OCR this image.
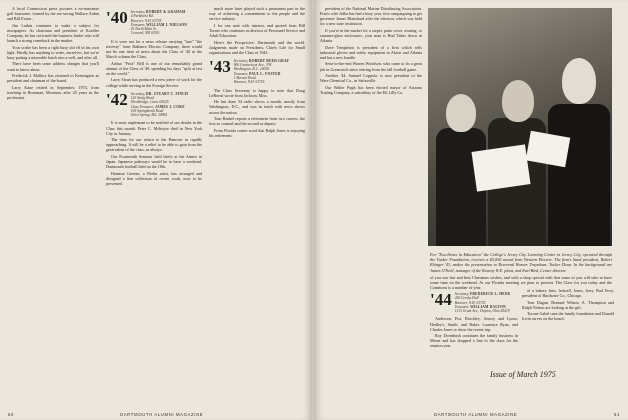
A local Connecticut press pictures a no-nonsense golf foursome, formed by the tax-saving Wallace Aubin and Bill Evans...

Jim Larkin continues to make a subject for newspapers. As chairman and president of Koehler Company, he has criticized the business leader who will launch a strong comeback in the market.

Your scribe has been a right busy old elf in his own light. Hardly has anything to write, ourselves, but we're busy putting a miserable batch into a well, and after all.

There have been some address changes that you'll want to know about.

Frederick J. Mallory has returned to Kensington as president and chairman of the board.

Larry Kane retired in September, 1974, from teaching in Bozeman, Montana, after 25 years in the profession.

'40 Secretary, ROBERT & GRAHAM
4 Parkhurst Rd.
Hanover, N.H. 03755
Treasurer, WILLIAM I. NIELSON
41 North Main St.
Concord, NH 03301

If it were not for a news release carrying "true" "the travesty" from Ballance Electric Company, there would not be one item of news about the Class of '40 in the March column the Class.

Arthur "Fritz" Bell is one of our remarkably grand alumni of the Class of '40, spending his days "split at last on the world."

Larry Sloan has produced a new piece of work for the college while serving in the Foreign Service.

'42 Secretary, DR. STUART C. FINCH
120 Amity Road
Woodbridge, Conn. 06525
Class Treasurer, JAMES J. COKE
100 Springbrook Road
Silver Spring, Md. 20904

It is most unpleasant to be notified of our deaths in the Class this month. Peter C. McIntyre died in New York City in January.

The time for our return to the Hanover in rapidly approaching. It will be a relief to be able to gain from the great talent of the class, as always.

Our Fourteenth Seminar held lately at the Annex in Japan. Japanese pathways would be to have a weekend. Dartmouth football held on the 18th.

Hartmut Greiner, a Berlin artist, has arranged and designed a fine collection of recent work, now to be presented.

much more have played such a prominent part in the way of achieving a commitment to the people and the service industry.

I for one note with interest, and quoted from Bill Turner who continues as director of Personnel Service and Adult Education.

Here's the Perspective: Dartmouth and the world. Judgments made on Presidents, Chiefs Life for Small organizations and the Class of 1943.

'43 Secretary, ROBERT REED GRAY
900 Connecticut Ave., NW
Washington, D.C. 20036
Treasurer, PAUL L. FOSTER
1 Barnett Road
Hanover, N.H. 03755

The Class Secretary is happy to note that Doug LeBoeuf wrote from Jackson, Miss.

He has done 54 radio shows a month, mostly from Washington, D.C., and was in touch with news shows across the nation.

Tom Bushel reports a retirement from two careers, the first as counsel and the second as deputy.

From Florida comes word that Ralph Jones is enjoying his retirement.

60	DARTMOUTH ALUMNI MAGAZINE

president of the National Marine Distributing Association. Fran's wife Jullia has had a busy year, first campaigning to get governor James Blanchard after the election, which was held for a new state institution.

If you're in the market for a carpet, patio cover, awning, or summer-glass enclosures, your man is Bud Takes down in Atlanta.

Dave Templeton is president of a firm which sells industrial gloves and safety equipment in Akron and Atlanta and has a new handle.

Seitz-to-the-end Warren Woodson, who came to do a great job in Greenwich since retiring from the fall football game.

Another '44, Samuel Coppola, is now president of the Ware Chemical Co., in Seitzsville.

Our Walter Pugh has been elected mayor of Arizona Trading Company, a subsidiary of the Eli Lilly Co.

For "Excellence in Education" the College's Jersey City Learning Center in Jersey City, operated through the Tucker Foundation, receives a $5,000 award from Western Electric. The firm's Sand president, Robert Ehinger '43, makes the presentation to Reverend Warner Traynham, Tucker Dean. In the background are James O'Neill, manager of the Kearny W.E. plant, and Earl Bird, Center director.
of you one last and best Christmas wishes, and with a shop special with that some of you will take to have some time on the weekend. At our Florida meeting we plan to present. The Class for you today and the Commons is a number of year.
'44 Secretary, FREDERICK L. HEER
200 Crosby Hall
Hanover, N.H. 03755
Treasurer, WILLIAM DALTON
1313 Grant Ave., Dayton, Ohio 45419

Anderson, Fist, Brockley, Amory and Lyons, Hadley's, Smith, and Baker. Laurence Ryan, and Charles Jones to show the recent trip.

Roy Dorinbush continues the family business in Maine and has dropped a line to the class for the reunion year.

of a bakery firm, Jedwell, Jones, Jerry. Bud Terry, president of Hardware Co., Chicago.

Tom Dugan, Bernard Wilson, A. Thompson and Ralph Nelson are looking at the gift.

Tyrone Gabel runs the family foundation and Donald Irwin serves on the board.

Issue of March 1975
DARTMOUTH ALUMNI MAGAZINE	61
